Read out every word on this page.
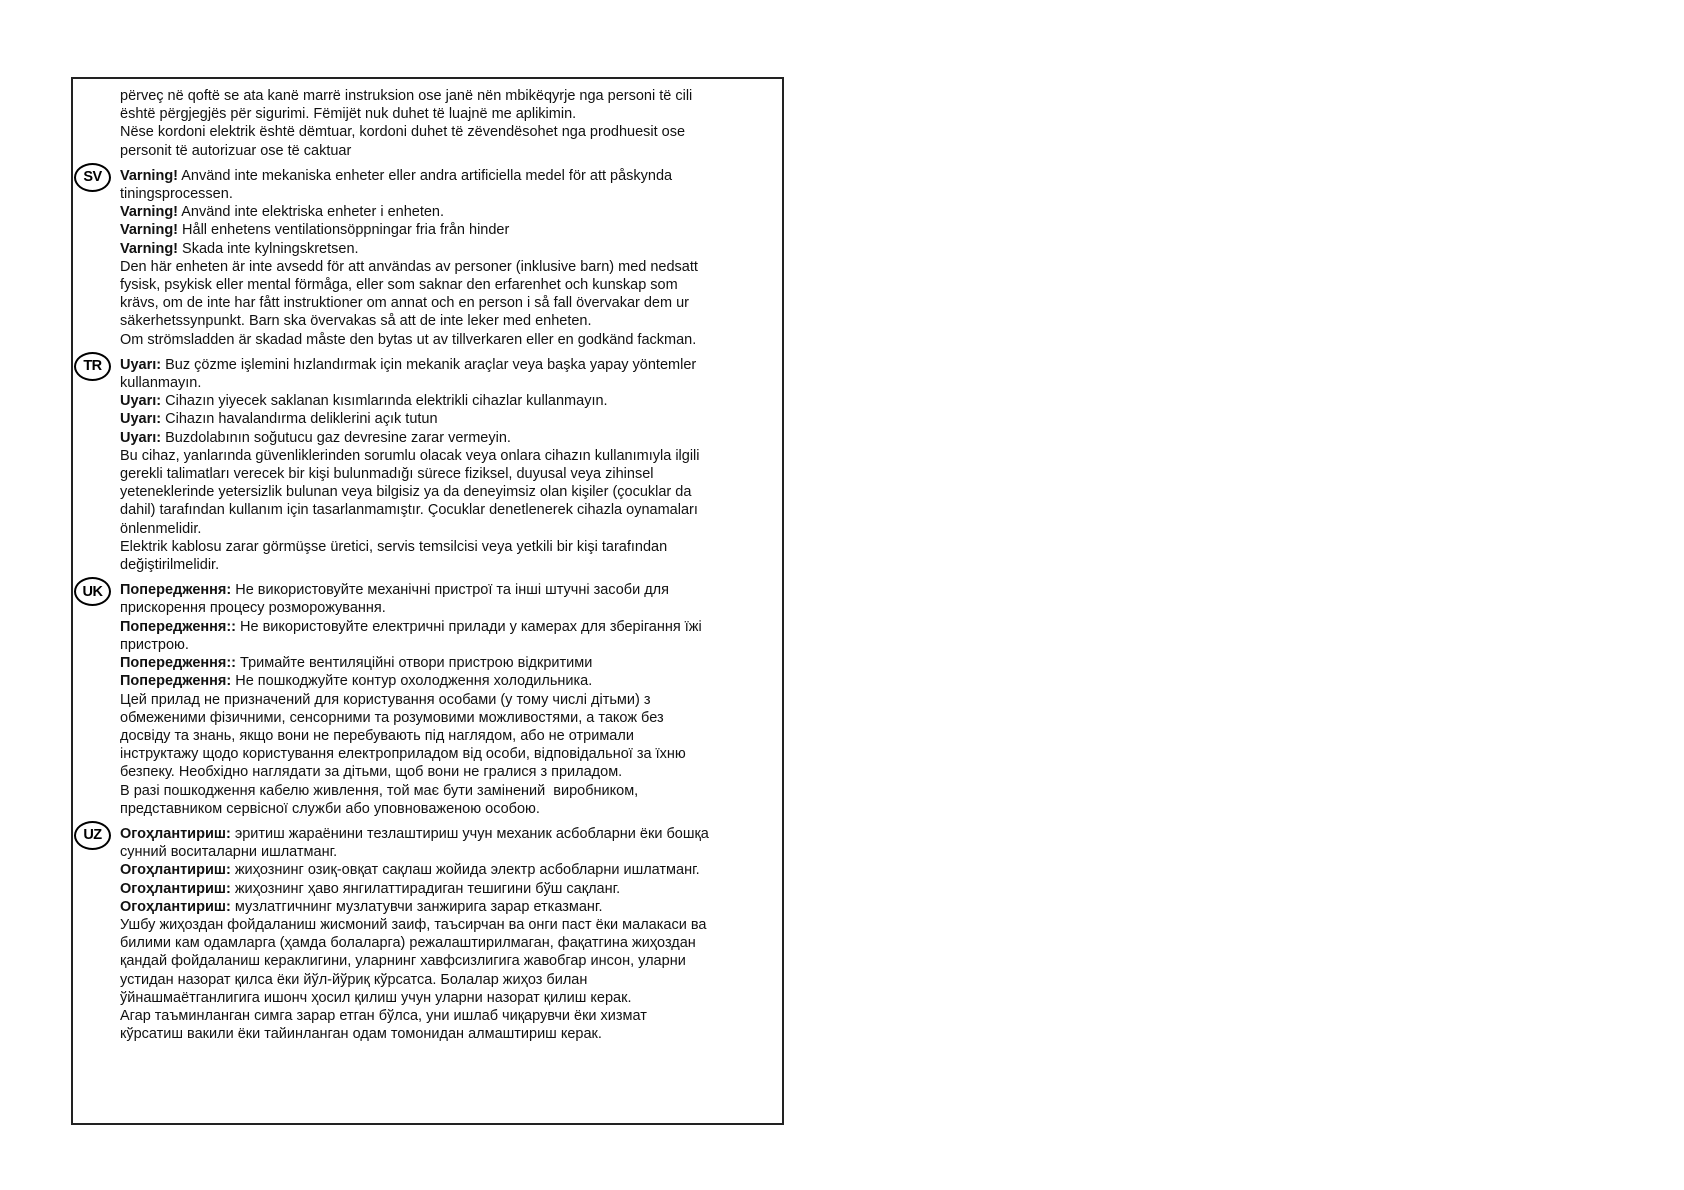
përveç në qoftë se ata kanë marrë instruksion ose janë nën mbikëqyrje nga personi të cili
është përgjegjës për sigurimi. Fëmijët nuk duhet të luajnë me aplikimin.
Nëse kordoni elektrik është dëmtuar, kordoni duhet të zëvendësohet nga prodhuesit ose
personit të autorizuar ose të caktuar
SV	Varning! Använd inte mekaniska enheter eller andra artificiella medel för att påskynda
tiningsprocessen.
Varning! Använd inte elektriska enheter i enheten.
Varning! Håll enhetens ventilationsöppningar fria från hinder
Varning! Skada inte kylningskretsen.
Den här enheten är inte avsedd för att användas av personer (inklusive barn) med nedsatt
fysisk, psykisk eller mental förmåga, eller som saknar den erfarenhet och kunskap som
krävs, om de inte har fått instruktioner om annat och en person i så fall övervakar dem ur
säkerhetssynpunkt. Barn ska övervakas så att de inte leker med enheten.
Om strömsladden är skadad måste den bytas ut av tillverkaren eller en godkänd fackman.
TR	Uyarı: Buz çözme işlemini hızlandırmak için mekanik araçlar veya başka yapay yöntemler
kullanmayın.
Uyarı: Cihazın yiyecek saklanan kısımlarında elektrikli cihazlar kullanmayın.
Uyarı: Cihazın havalandırma deliklerini açık tutun
Uyarı: Buzdolabının soğutucu gaz devresine zarar vermeyin.
Bu cihaz, yanlarında güvenliklerinden sorumlu olacak veya onlara cihazın kullanımıyla ilgili
gerekli talimatları verecek bir kişi bulunmadığı sürece fiziksel, duyusal veya zihinsel
yeteneklerinde yetersizlik bulunan veya bilgisiz ya da deneyimsiz olan kişiler (çocuklar da
dahil) tarafından kullanım için tasarlanmamıştır. Çocuklar denetlenerek cihazla oynamaları
önlenmelidir.
Elektrik kablosu zarar görmüşse üretici, servis temsilcisi veya yetkili bir kişi tarafından
değiştirilmelidir.
UK	Попередження: Не використовуйте механічні пристрої та інші штучні засоби для
прискорення процесу розморожування.
Попередження:: Не використовуйте електричні прилади у камерах для зберігання їжі
пристрою.
Попередження:: Тримайте вентиляційні отвори пристрою відкритими
Попередження: Не пошкоджуйте контур охолодження холодильника.
Цей прилад не призначений для користування особами (у тому числі дітьми) з
обмеженими фізичними, сенсорними та розумовими можливостями, а також без
досвіду та знань, якщо вони не перебувають під наглядом, або не отримали
інструктажу щодо користування електроприладом від особи, відповідальної за їхню
безпеку. Необхідно наглядати за дітьми, щоб вони не гралися з приладом.
В разі пошкодження кабелю живлення, той має бути замінений  виробником,
представником сервісної служби або уповноваженою особою.
UZ	Огоҳлантириш: эритиш жараёнини тезлаштириш учун механик асбобларни ёки бошқа
сунний воситаларни ишлатманг.
Огоҳлантириш: жиҳознинг озиқ-овқат сақлаш жойида электр асбобларни ишлатманг.
Огоҳлантириш: жиҳознинг ҳаво янгилаттирадиган тешигини бўш сақланг.
Огоҳлантириш: музлатгичнинг музлатувчи занжирига зарар етказманг.
Ушбу жиҳоздан фойдаланиш жисмоний заиф, таъсирчан ва онги паст ёки малакаси ва
билими кам одамларга (ҳамда болаларга) режалаштирилмаган, фақатгина жиҳоздан
қандай фойдаланиш кераклигини, уларнинг хавфсизлигига жавобгар инсон, уларни
устидан назорат қилса ёки йўл-йўриқ кўрсатса. Болалар жиҳоз билан
ўйнашмаётганлигига ишонч ҳосил қилиш учун уларни назорат қилиш керак.
Агар таъминланган симга зарар етган бўлса, уни ишлаб чиқарувчи ёки хизмат
кўрсатиш вакили ёки тайинланган одам томонидан алмаштириш керак.
